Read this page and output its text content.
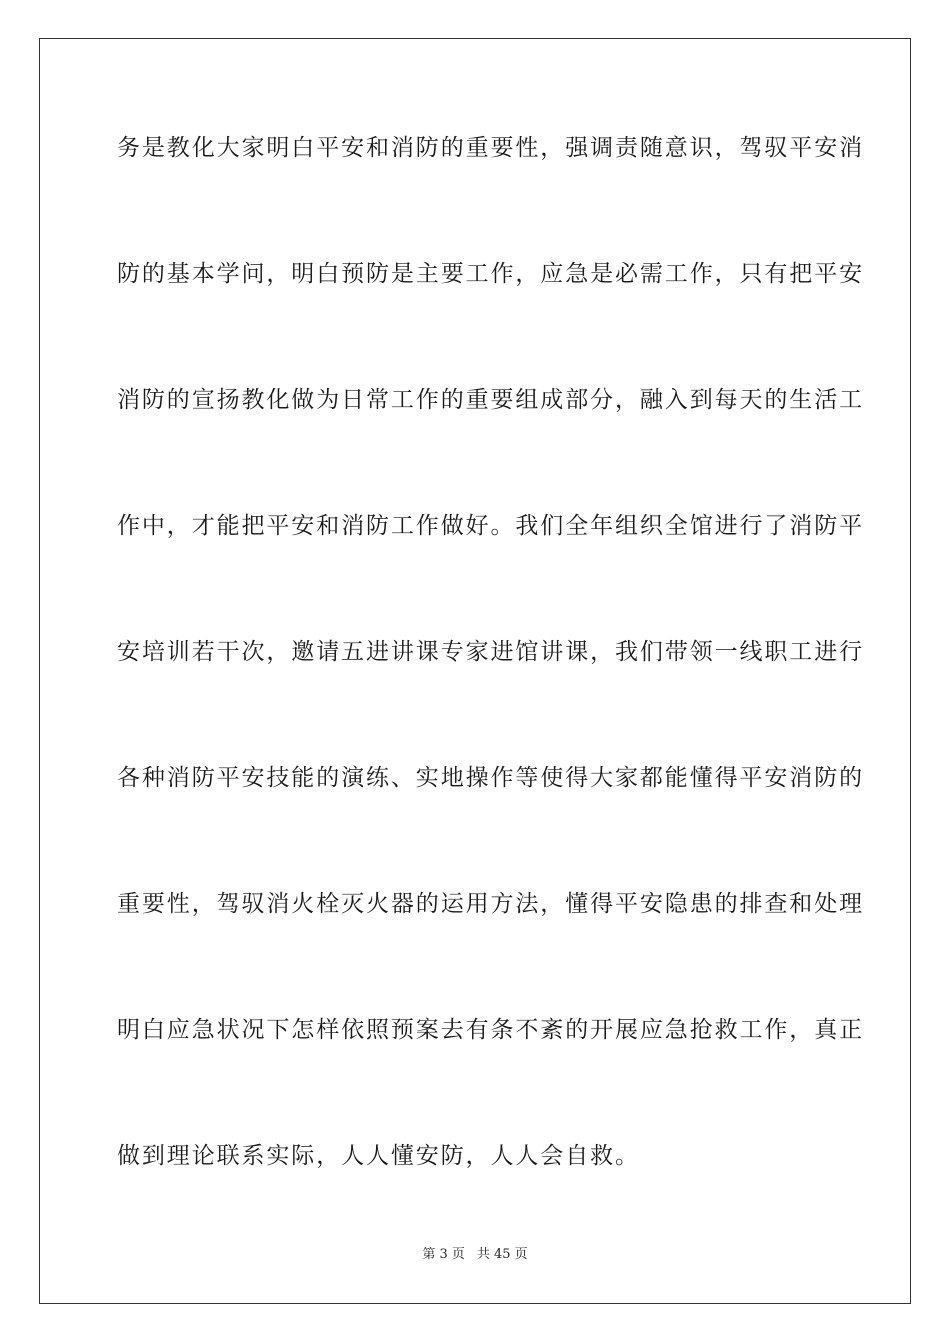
务是教化大家明白平安和消防的重要性，强调责随意识，驾驭平安消
防的基本学问，明白预防是主要工作，应急是必需工作，只有把平安
消防的宣扬教化做为日常工作的重要组成部分，融入到每天的生活工
作中，才能把平安和消防工作做好。我们全年组织全馆进行了消防平
安培训若干次，邀请五进讲课专家进馆讲课，我们带领一线职工进行
各种消防平安技能的演练、实地操作等使得大家都能懂得平安消防的
重要性，驾驭消火栓灭火器的运用方法，懂得平安隐患的排查和处理
明白应急状况下怎样依照预案去有条不紊的开展应急抢救工作，真正
做到理论联系实际，人人懂安防，人人会自救。
第 3 页 共 45 页
